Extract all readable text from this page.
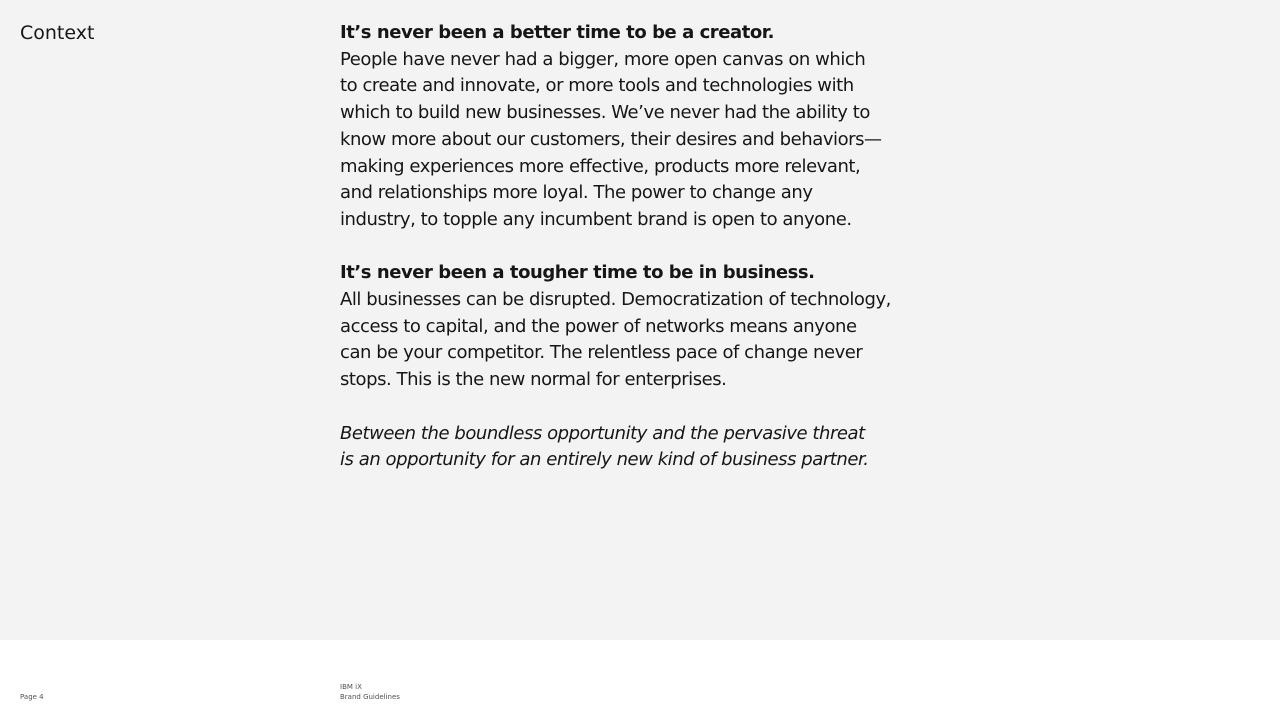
Context	It’s never been a better time to be a creator.
People have never had a bigger, more open canvas on which
to create and innovate, or more tools and technologies with
which to build new businesses. We’ve never had the ability to
know more about our customers, their desires and behaviors—
making experiences more effective, products more relevant,
and relationships more loyal. The power to change any
industry, to topple any incumbent brand is open to anyone.

It’s never been a tougher time to be in business.
All businesses can be disrupted. Democratization of technology,
access to capital, and the power of networks means anyone
can be your competitor. The relentless pace of change never
stops. This is the new normal for enterprises.

Between the boundless opportunity and the pervasive threat
is an opportunity for an entirely new kind of business partner.

Page 4
IBM iX
Brand Guidelines
